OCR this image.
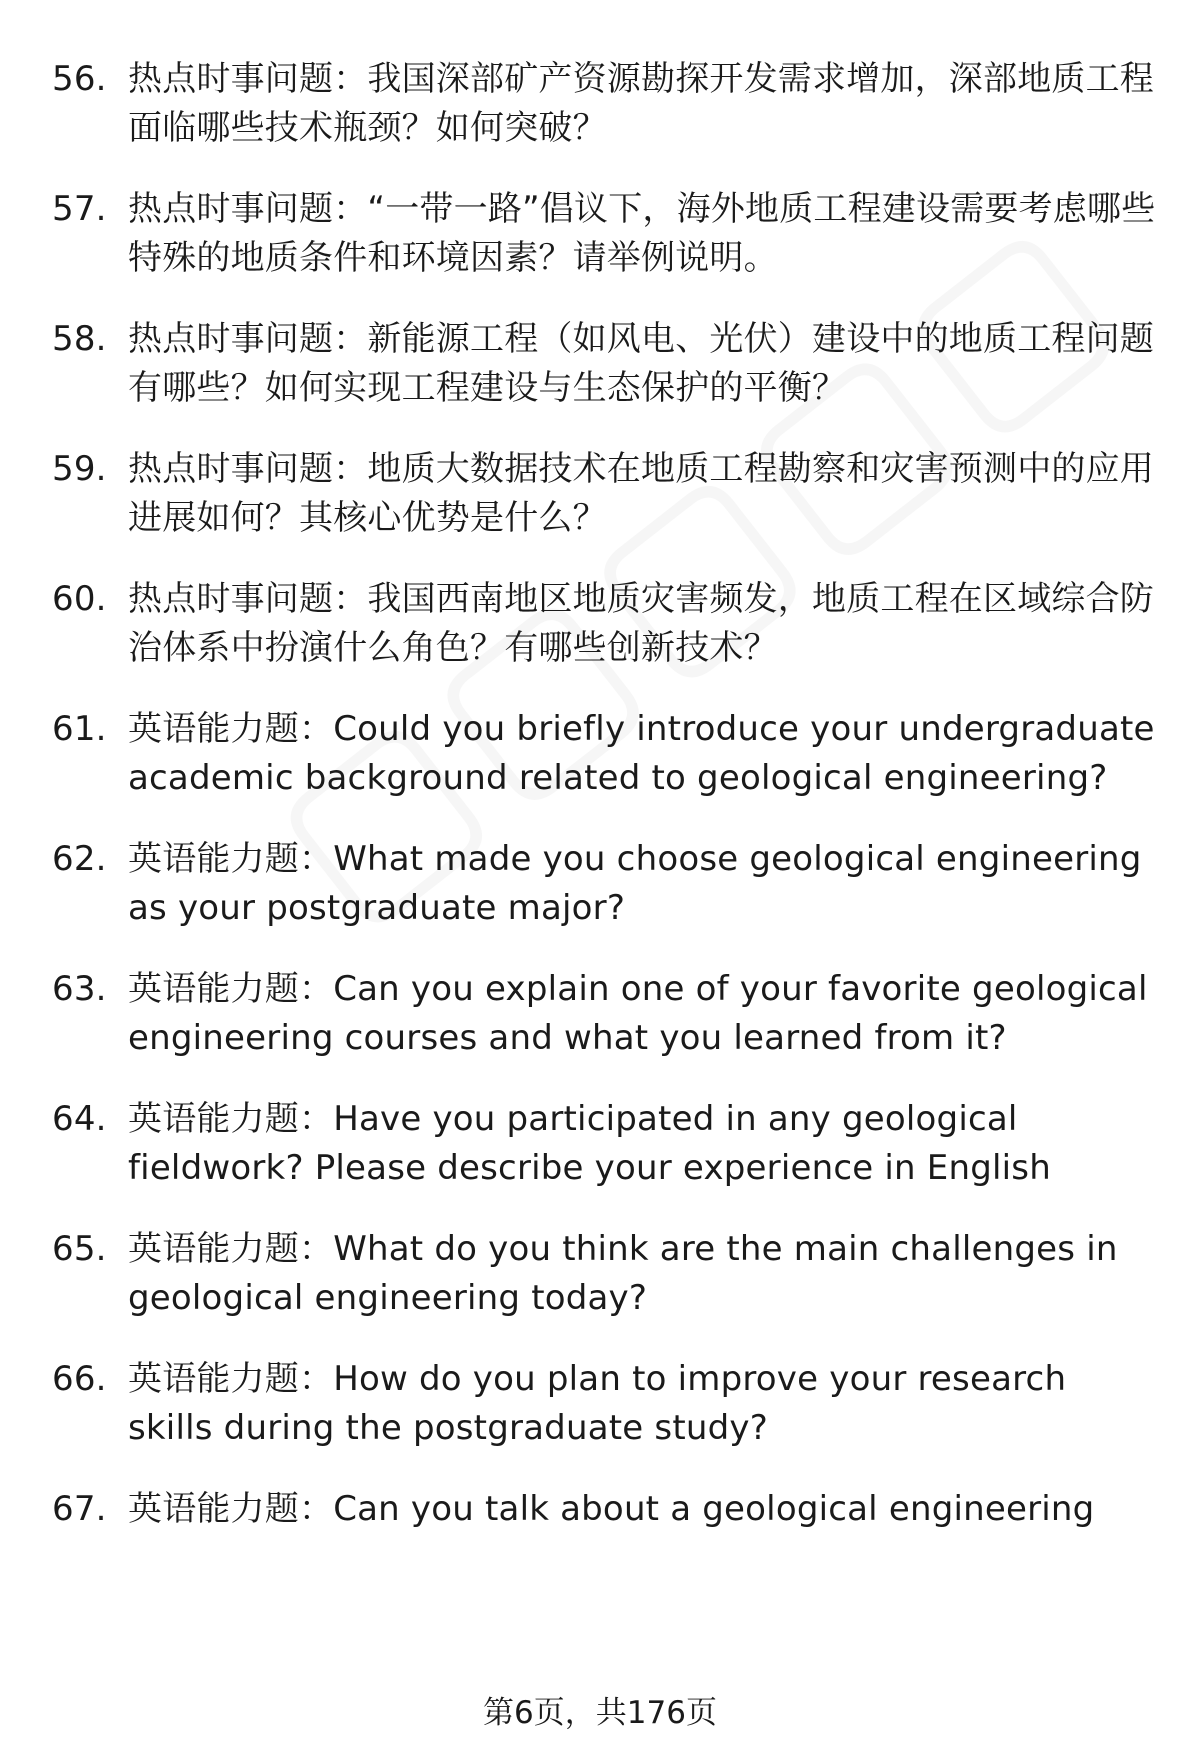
56. 热点时事问题：我国深部矿产资源勘探开发需求增加，深部地质工程面临哪些技术瓶颈？如何突破？
57. 热点时事问题：“一带一路”倡议下，海外地质工程建设需要考虑哪些特殊的地质条件和环境因素？请举例说明。
58. 热点时事问题：新能源工程（如风电、光伏）建设中的地质工程问题有哪些？如何实现工程建设与生态保护的平衡？
59. 热点时事问题：地质大数据技术在地质工程勘察和灾害预测中的应用进展如何？其核心优势是什么？
60. 热点时事问题：我国西南地区地质灾害频发，地质工程在区域综合防治体系中扮演什么角色？有哪些创新技术？
61. 英语能力题：Could you briefly introduce your undergraduate academic background related to geological engineering?
62. 英语能力题：What made you choose geological engineering as your postgraduate major?
63. 英语能力题：Can you explain one of your favorite geological engineering courses and what you learned from it?
64. 英语能力题：Have you participated in any geological fieldwork? Please describe your experience in English
65. 英语能力题：What do you think are the main challenges in geological engineering today?
66. 英语能力题：How do you plan to improve your research skills during the postgraduate study?
67. 英语能力题：Can you talk about a geological engineering
第6页，共176页
